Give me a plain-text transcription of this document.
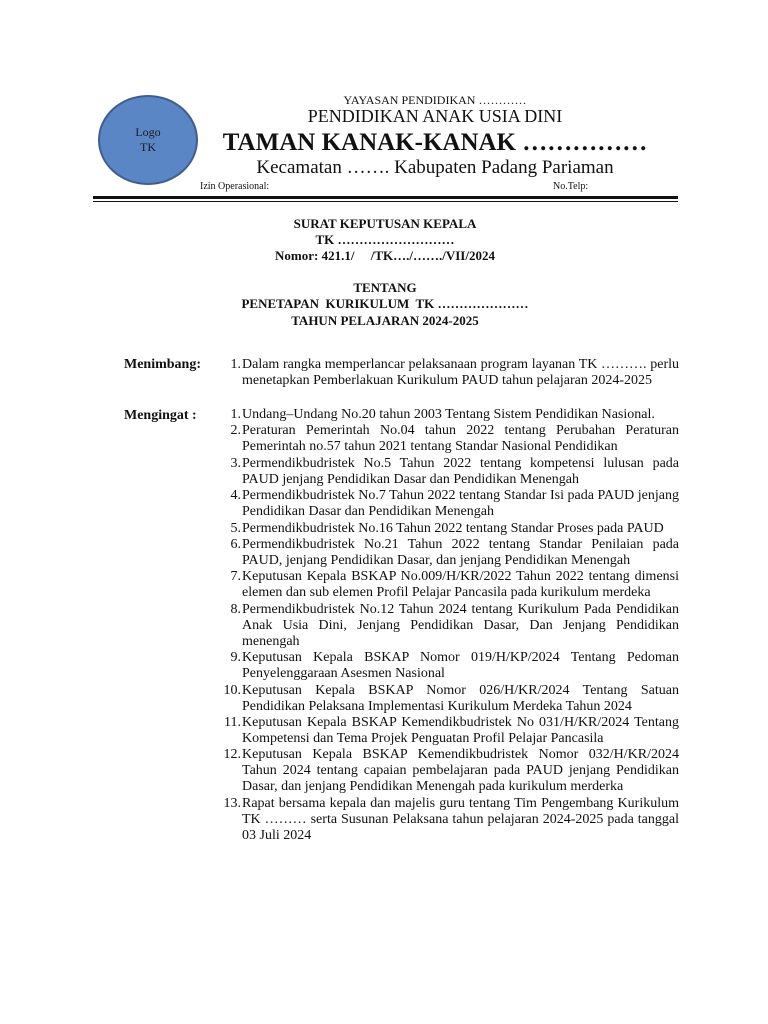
Logo
TK
YAYASAN PENDIDIKAN …………
PENDIDIKAN ANAK USIA DINI
TAMAN KANAK-KANAK ……………
Kecamatan ……. Kabupaten Padang Pariaman
Izin Operasional:	No.Telp:
SURAT KEPUTUSAN KEPALA
TK ………………………
Nomor: 421.1/     /TK…./……./VII/2024
TENTANG
PENETAPAN  KURIKULUM  TK …………………
TAHUN PELAJARAN 2024-2025
Menimbang:	1. Dalam rangka memperlancar pelaksanaan program layanan TK ………. perlu menetapkan Pemberlakuan Kurikulum PAUD tahun pelajaran 2024-2025
Mengingat :	1. Undang–Undang No.20 tahun 2003 Tentang Sistem Pendidikan Nasional.
2. Peraturan Pemerintah No.04 tahun 2022 tentang Perubahan Peraturan Pemerintah no.57 tahun 2021 tentang Standar Nasional Pendidikan
3. Permendikbudristek No.5 Tahun 2022 tentang kompetensi lulusan pada PAUD jenjang Pendidikan Dasar dan Pendidikan Menengah
4. Permendikbudristek No.7 Tahun 2022 tentang Standar Isi pada PAUD jenjang Pendidikan Dasar dan Pendidikan Menengah
5. Permendikbudristek No.16 Tahun 2022 tentang Standar Proses pada PAUD
6. Permendikbudristek No.21 Tahun 2022 tentang Standar Penilaian pada PAUD, jenjang Pendidikan Dasar, dan jenjang Pendidikan Menengah
7. Keputusan Kepala BSKAP No.009/H/KR/2022 Tahun 2022 tentang dimensi elemen dan sub elemen Profil Pelajar Pancasila pada kurikulum merdeka
8. Permendikbudristek No.12 Tahun 2024 tentang Kurikulum Pada Pendidikan Anak Usia Dini, Jenjang Pendidikan Dasar, Dan Jenjang Pendidikan menengah
9. Keputusan Kepala BSKAP Nomor 019/H/KP/2024 Tentang Pedoman Penyelenggaraan Asesmen Nasional
10. Keputusan Kepala BSKAP Nomor 026/H/KR/2024 Tentang Satuan Pendidikan Pelaksana Implementasi Kurikulum Merdeka Tahun 2024
11. Keputusan Kepala BSKAP Kemendikbudristek No 031/H/KR/2024 Tentang Kompetensi dan Tema Projek Penguatan Profil Pelajar Pancasila
12. Keputusan Kepala BSKAP Kemendikbudristek Nomor 032/H/KR/2024 Tahun 2024 tentang capaian pembelajaran pada PAUD jenjang Pendidikan Dasar, dan jenjang Pendidikan Menengah pada kurikulum merderka
13. Rapat bersama kepala dan majelis guru tentang Tim Pengembang Kurikulum TK ……… serta Susunan Pelaksana tahun pelajaran 2024-2025 pada tanggal 03 Juli 2024
